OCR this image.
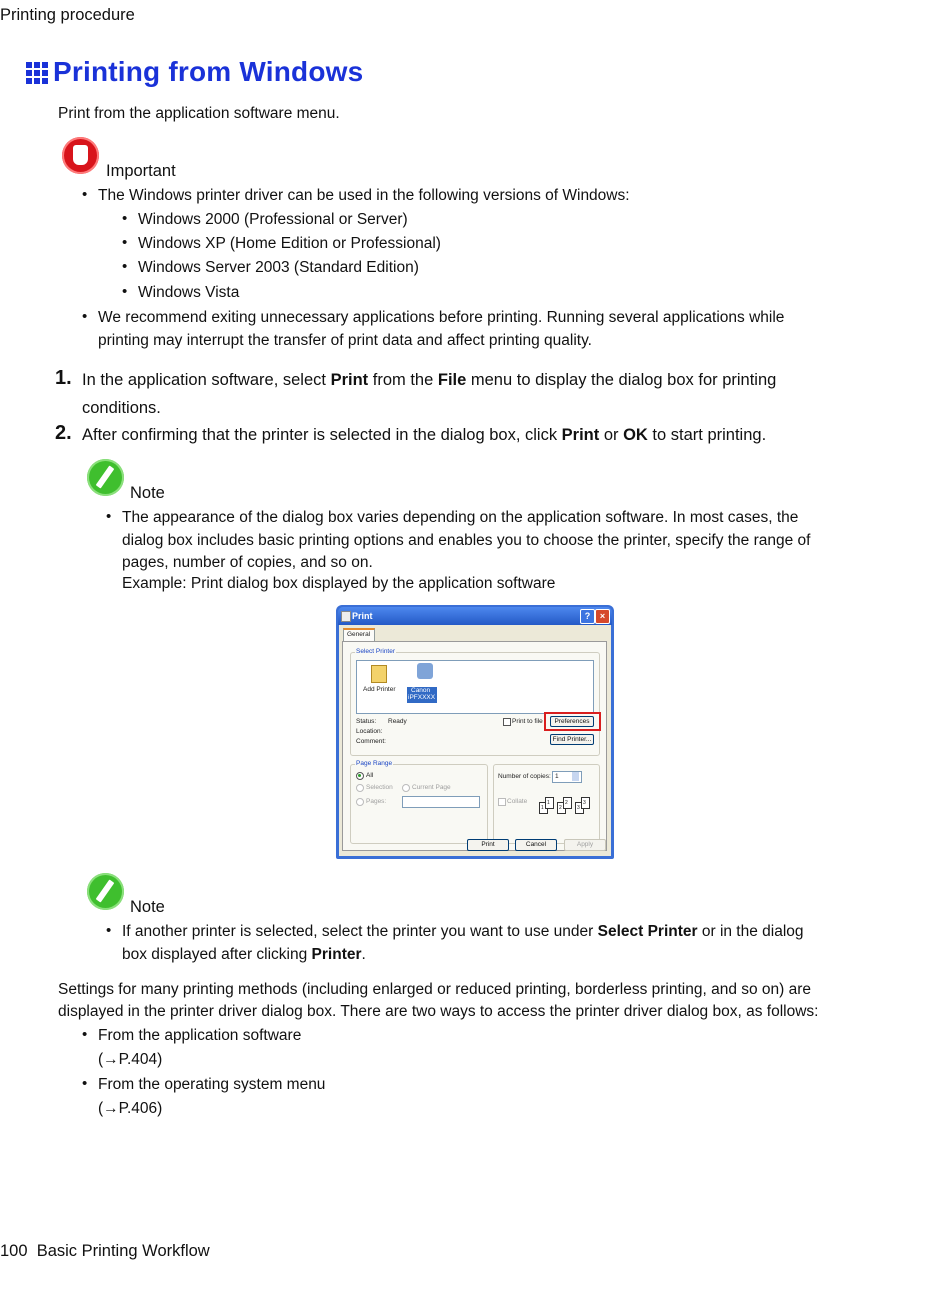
Printing procedure
Printing from Windows
Print from the application software menu.
Important
• The Windows printer driver can be used in the following versions of Windows:
• Windows 2000 (Professional or Server)
• Windows XP (Home Edition or Professional)
• Windows Server 2003 (Standard Edition)
• Windows Vista
• We recommend exiting unnecessary applications before printing. Running several applications while
printing may interrupt the transfer of print data and affect printing quality.
1. In the application software, select Print from the File menu to display the dialog box for printing
conditions.
2. After confirming that the printer is selected in the dialog box, click Print or OK to start printing.
Note
• The appearance of the dialog box varies depending on the application software. In most cases, the
dialog box includes basic printing options and enables you to choose the printer, specify the range of
pages, number of copies, and so on.
Example: Print dialog box displayed by the application software
Print	?	×
General
Select Printer
Add Printer Canon
iPFXXXX
Status: Ready
Location:
Comment:
Print to file	Preferences
Find Printer...
Page Range
All
Selection	Current Page
Pages:
Number of copies: 1
Collate
1
1
2
2
3
3
Print	Cancel	Apply
Note
• If another printer is selected, select the printer you want to use under Select Printer or in the dialog
box displayed after clicking Printer.
Settings for many printing methods (including enlarged or reduced printing, borderless printing, and so on) are
displayed in the printer driver dialog box. There are two ways to access the printer driver dialog box, as follows:
• From the application software
(→P.404)
• From the operating system menu
(→P.406)
100 Basic Printing Workflow
